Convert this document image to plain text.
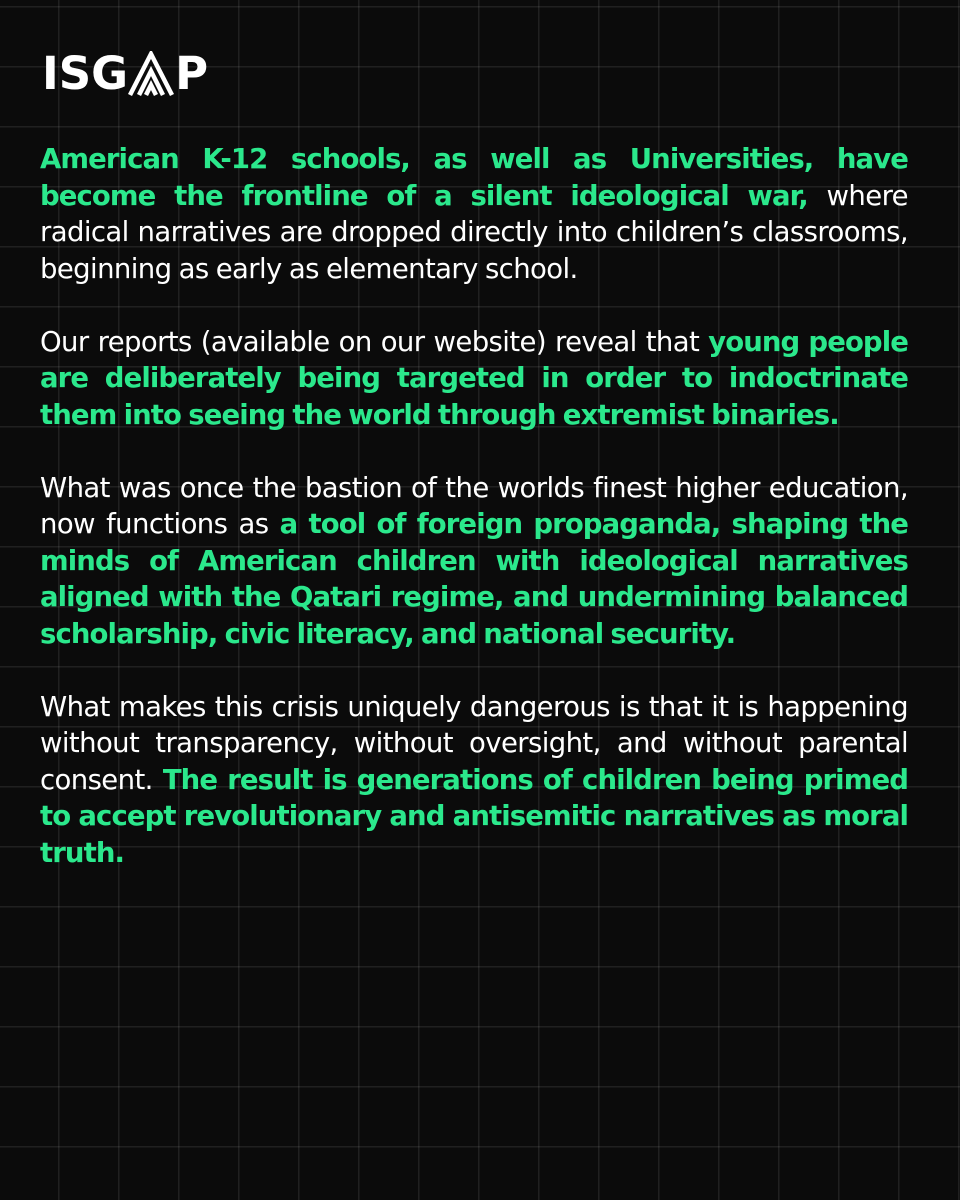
ISG P

American K-12 schools, as well as Universities, have become the frontline of a silent ideological war, where radical narratives are dropped directly into children’s classrooms, beginning as early as elementary school.

Our reports (available on our website) reveal that young people are deliberately being targeted in order to indoctrinate them into seeing the world through extremist binaries.

What was once the bastion of the worlds finest higher education, now functions as a tool of foreign propaganda, shaping the minds of American children with ideological narratives aligned with the Qatari regime, and undermining balanced scholarship, civic literacy, and national security.

What makes this crisis uniquely dangerous is that it is happening without transparency, without oversight, and without parental consent. The result is generations of children being primed to accept revolutionary and antisemitic narratives as moral truth.
